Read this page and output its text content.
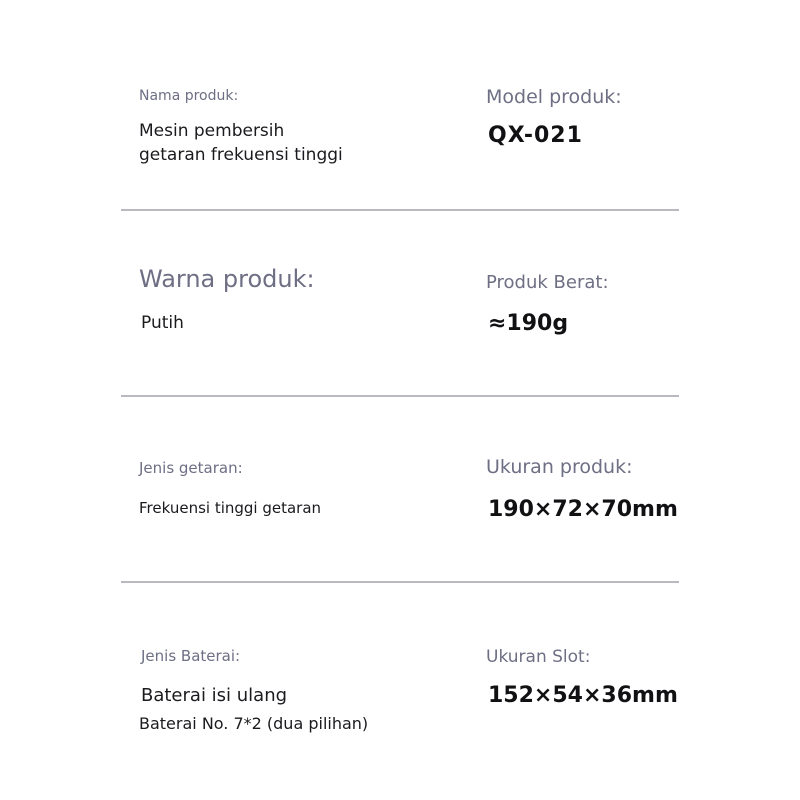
Nama produk:

Mesin pembersih

getaran frekuensi tinggi

Model produk:

QX-021

Warna produk:

Putih

Produk Berat:

≈190g

Jenis getaran:

Frekuensi tinggi getaran

Ukuran produk:

190×72×70mm

Jenis Baterai:

Baterai isi ulang

Baterai No. 7*2 (dua pilihan)

Ukuran Slot:

152×54×36mm
